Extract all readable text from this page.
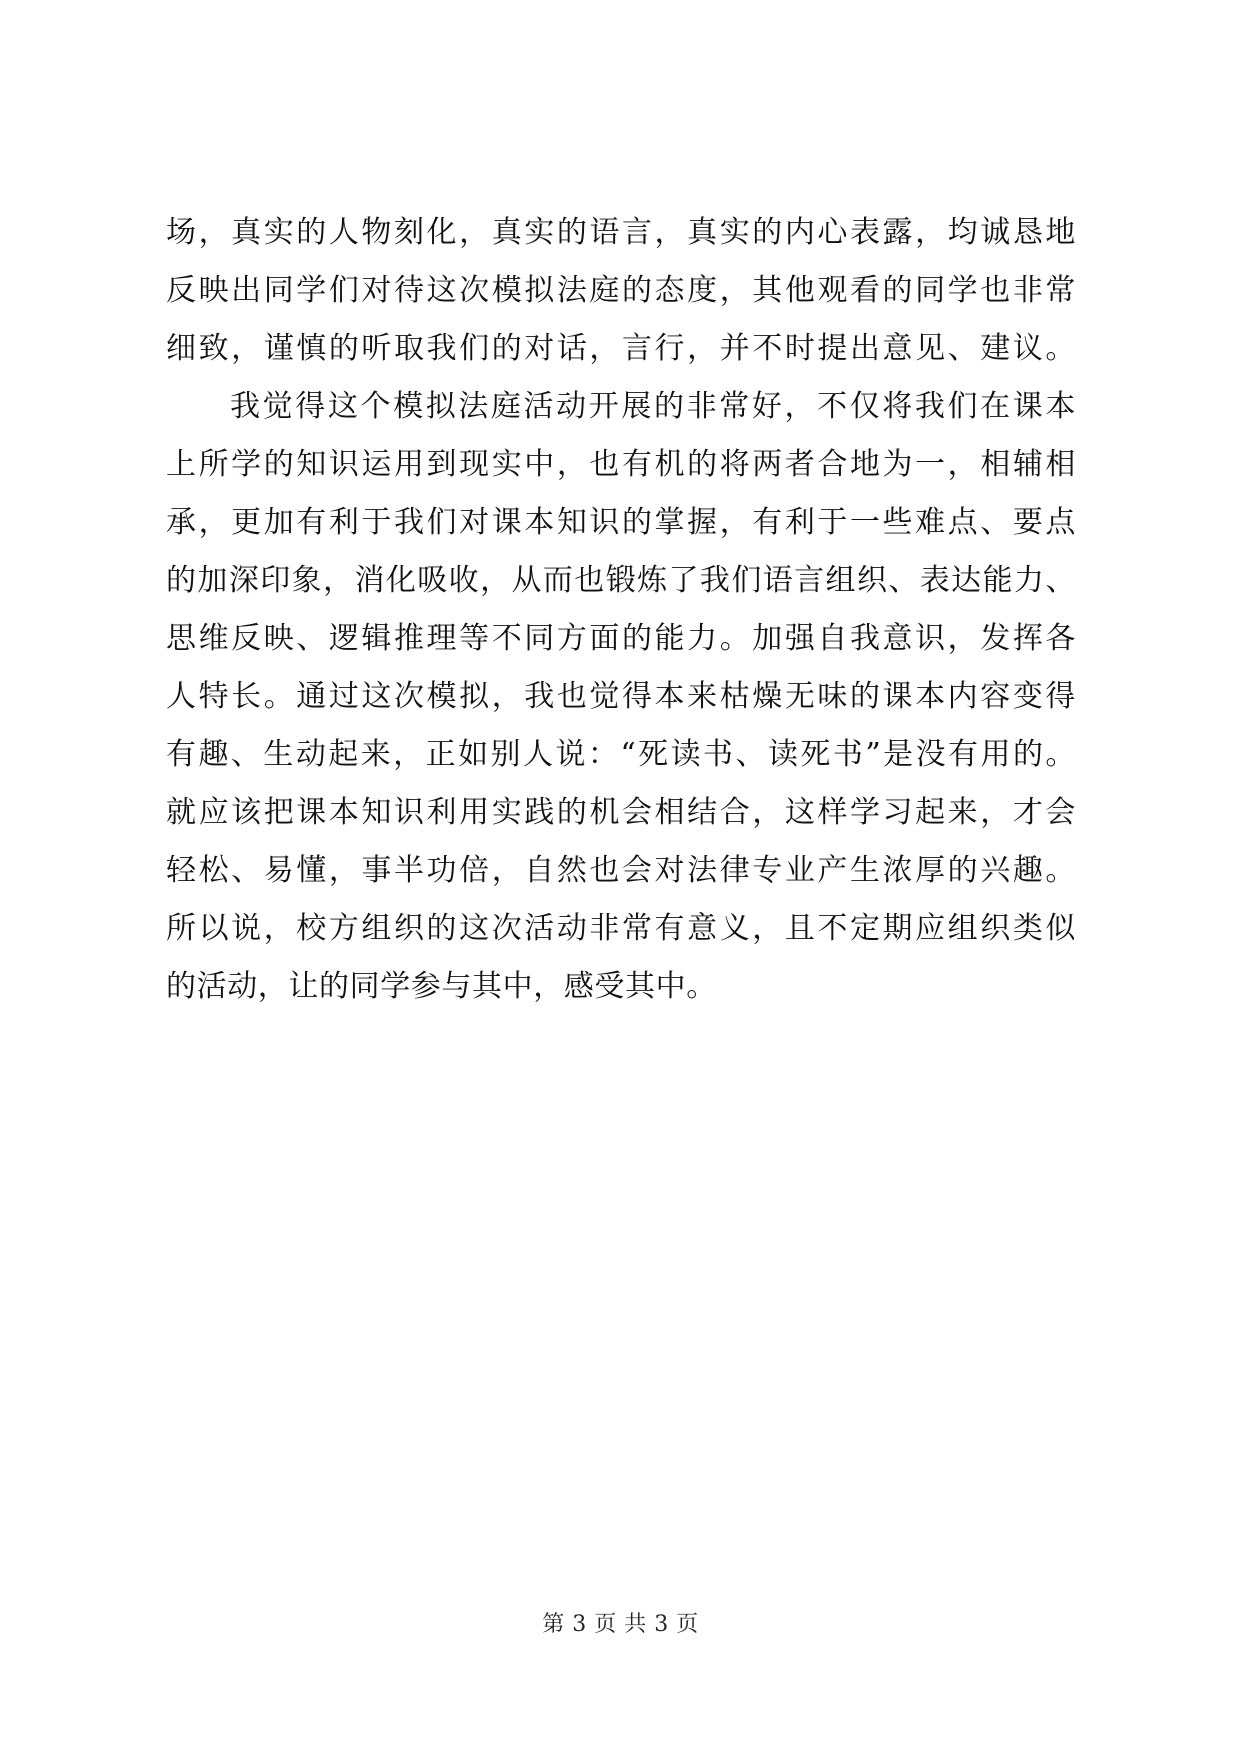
场，真实的人物刻化，真实的语言，真实的内心表露，均诚恳地
反映出同学们对待这次模拟法庭的态度，其他观看的同学也非常
细致，谨慎的听取我们的对话，言行，并不时提出意见、建议。
我觉得这个模拟法庭活动开展的非常好，不仅将我们在课本
上所学的知识运用到现实中，也有机的将两者合地为一，相辅相
承，更加有利于我们对课本知识的掌握，有利于一些难点、要点
的加深印象，消化吸收，从而也锻炼了我们语言组织、表达能力、
思维反映、逻辑推理等不同方面的能力。加强自我意识，发挥各
人特长。通过这次模拟，我也觉得本来枯燥无味的课本内容变得
有趣、生动起来，正如别人说：“死读书、读死书”是没有用的。
就应该把课本知识利用实践的机会相结合，这样学习起来，才会
轻松、易懂，事半功倍，自然也会对法律专业产生浓厚的兴趣。
所以说，校方组织的这次活动非常有意义，且不定期应组织类似
的活动，让的同学参与其中，感受其中。
第 3 页 共 3 页
